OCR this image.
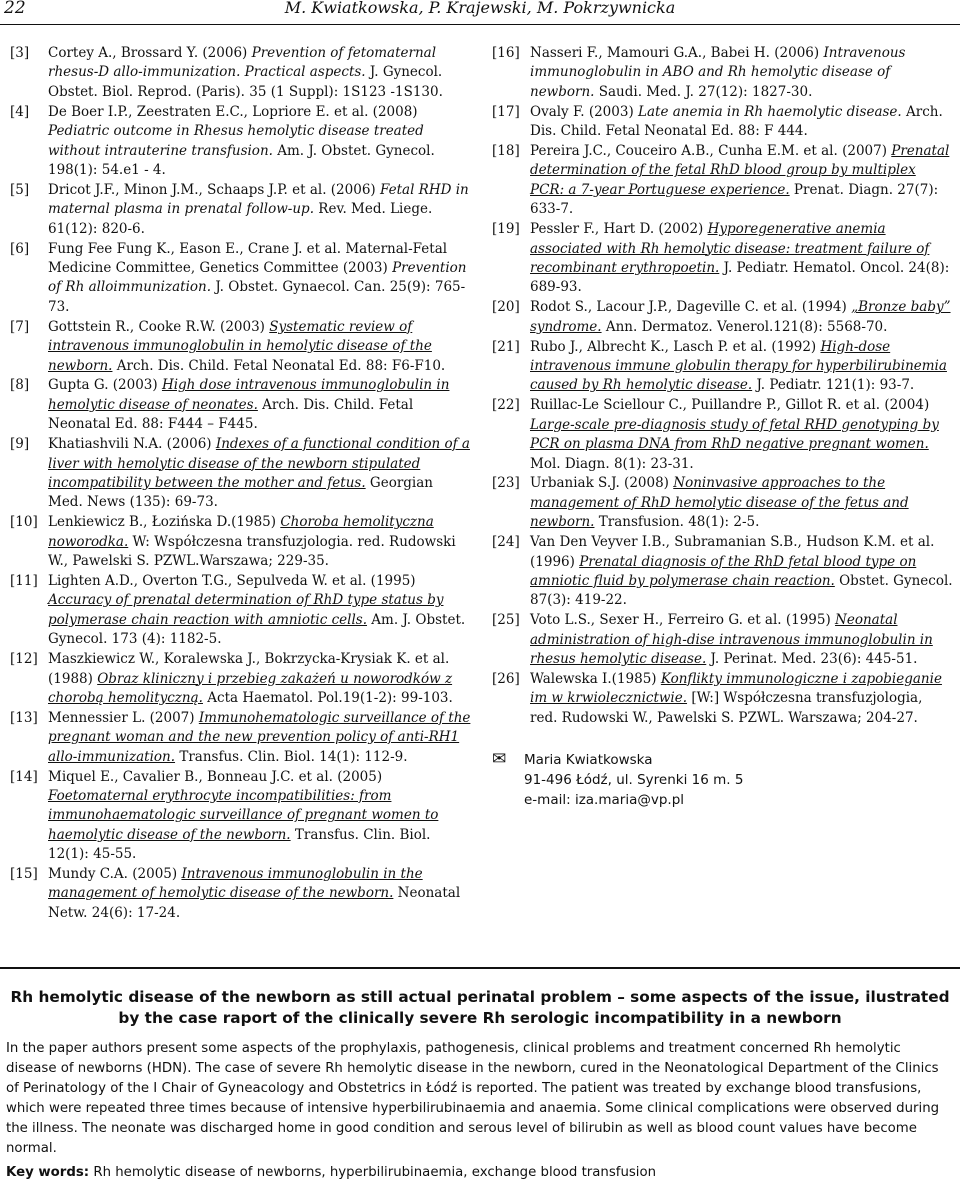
22	M. Kwiatkowska, P. Krajewski, M. Pokrzywnicka
[3]	Cortey A., Brossard Y. (2006) Prevention of fetomaternal rhesus-D allo-immunization. Practical aspects. J. Gynecol. Obstet. Biol. Reprod. (Paris). 35 (1 Suppl): 1S123 -1S130.
[4]	De Boer I.P., Zeestraten E.C., Lopriore E. et al. (2008) Pediatric outcome in Rhesus hemolytic disease treated without intrauterine transfusion. Am. J. Obstet. Gynecol. 198(1): 54.e1 - 4.
[5]	Dricot J.F., Minon J.M., Schaaps J.P. et al. (2006) Fetal RHD in maternal plasma in prenatal follow-up. Rev. Med. Liege. 61(12): 820-6.
[6]	Fung Fee Fung K., Eason E., Crane J. et al. Maternal-Fetal Medicine Committee, Genetics Committee (2003) Prevention of Rh alloimmunization. J. Obstet. Gynaecol. Can. 25(9): 765-73.
[7]	Gottstein R., Cooke R.W. (2003) Systematic review of intravenous immunoglobulin in hemolytic disease of the newborn. Arch. Dis. Child. Fetal Neonatal Ed. 88: F6-F10.
[8]	Gupta G. (2003) High dose intravenous immunoglobulin in hemolytic disease of neonates. Arch. Dis. Child. Fetal Neonatal Ed. 88: F444 – F445.
[9]	Khatiashvili N.A. (2006) Indexes of a functional condition of a liver with hemolytic disease of the newborn stipulated incompatibility between the mother and fetus. Georgian Med. News (135): 69-73.
[10] Lenkiewicz B., Łozińska D.(1985) Choroba hemolityczna noworodka. W: Współczesna transfuzjologia. red. Rudowski W., Pawelski S. PZWL.Warszawa; 229-35.
[11] Lighten A.D., Overton T.G., Sepulveda W. et al. (1995) Accuracy of prenatal determination of RhD type status by polymerase chain reaction with amniotic cells. Am. J. Obstet. Gynecol. 173 (4): 1182-5.
[12] Maszkiewicz W., Koralewska J., Bokrzycka-Krysiak K. et al. (1988) Obraz kliniczny i przebieg zakażeń u noworodków z chorobą hemolityczną. Acta Haematol. Pol.19(1-2): 99-103.
[13] Mennessier L. (2007) Immunohematologic surveillance of the pregnant woman and the new prevention policy of anti-RH1 allo-immunization. Transfus. Clin. Biol. 14(1): 112-9.
[14] Miquel E., Cavalier B., Bonneau J.C. et al. (2005) Foetomaternal erythrocyte incompatibilities: from immunohaematologic surveillance of pregnant women to haemolytic disease of the newborn. Transfus. Clin. Biol. 12(1): 45-55.
[15] Mundy C.A. (2005) Intravenous immunoglobulin in the management of hemolytic disease of the newborn. Neonatal Netw. 24(6): 17-24.
[16] Nasseri F., Mamouri G.A., Babei H. (2006) Intravenous immunoglobulin in ABO and Rh hemolytic disease of newborn. Saudi. Med. J. 27(12): 1827-30.
[17] Ovaly F. (2003) Late anemia in Rh haemolytic disease. Arch. Dis. Child. Fetal Neonatal Ed. 88: F 444.
[18] Pereira J.C., Couceiro A.B., Cunha E.M. et al. (2007) Prenatal determination of the fetal RhD blood group by multiplex PCR: a 7-year Portuguese experience. Prenat. Diagn. 27(7): 633-7.
[19] Pessler F., Hart D. (2002) Hyporegenerative anemia associated with Rh hemolytic disease: treatment failure of recombinant erythropoetin. J. Pediatr. Hematol. Oncol. 24(8): 689-93.
[20] Rodot S., Lacour J.P., Dageville C. et al. (1994) „Bronze baby” syndrome. Ann. Dermatoz. Venerol.121(8): 5568-70.
[21] Rubo J., Albrecht K., Lasch P. et al. (1992) High-dose intravenous immune globulin therapy for hyperbilirubinemia caused by Rh hemolytic disease. J. Pediatr. 121(1): 93-7.
[22] Ruillac-Le Sciellour C., Puillandre P., Gillot R. et al. (2004) Large-scale pre-diagnosis study of fetal RHD genotyping by PCR on plasma DNA from RhD negative pregnant women. Mol. Diagn. 8(1): 23-31.
[23] Urbaniak S.J. (2008) Noninvasive approaches to the management of RhD hemolytic disease of the fetus and newborn. Transfusion. 48(1): 2-5.
[24] Van Den Veyver I.B., Subramanian S.B., Hudson K.M. et al. (1996) Prenatal diagnosis of the RhD fetal blood type on amniotic fluid by polymerase chain reaction. Obstet. Gynecol. 87(3): 419-22.
[25] Voto L.S., Sexer H., Ferreiro G. et al. (1995) Neonatal administration of high-dise intravenous immunoglobulin in rhesus hemolytic disease. J. Perinat. Med. 23(6): 445-51.
[26] Walewska I.(1985) Konflikty immunologiczne i zapobieganie im w krwiolecznictwie. [W:] Współczesna transfuzjologia, red. Rudowski W., Pawelski S. PZWL. Warszawa; 204-27.
✉	Maria Kwiatkowska
91-496 Łódź, ul. Syrenki 16 m. 5
e-mail: iza.maria@vp.pl
Rh hemolytic disease of the newborn as still actual perinatal problem – some aspects of the issue, ilustrated by the case raport of the clinically severe Rh serologic incompatibility in a newborn

In the paper authors present some aspects of the prophylaxis, pathogenesis, clinical problems and treatment concerned Rh hemolytic disease of newborns (HDN). The case of severe Rh hemolytic disease in the newborn, cured in the Neonatological Department of the Clinics of Perinatology of the I Chair of Gyneacology and Obstetrics in Łódź is reported. The patient was treated by exchange blood transfusions, which were repeated three times because of intensive hyperbilirubinaemia and anaemia. Some clinical complications were observed during the illness. The neonate was discharged home in good condition and serous level of bilirubin as well as blood count values have become normal.

Key words: Rh hemolytic disease of newborns, hyperbilirubinaemia, exchange blood transfusion
